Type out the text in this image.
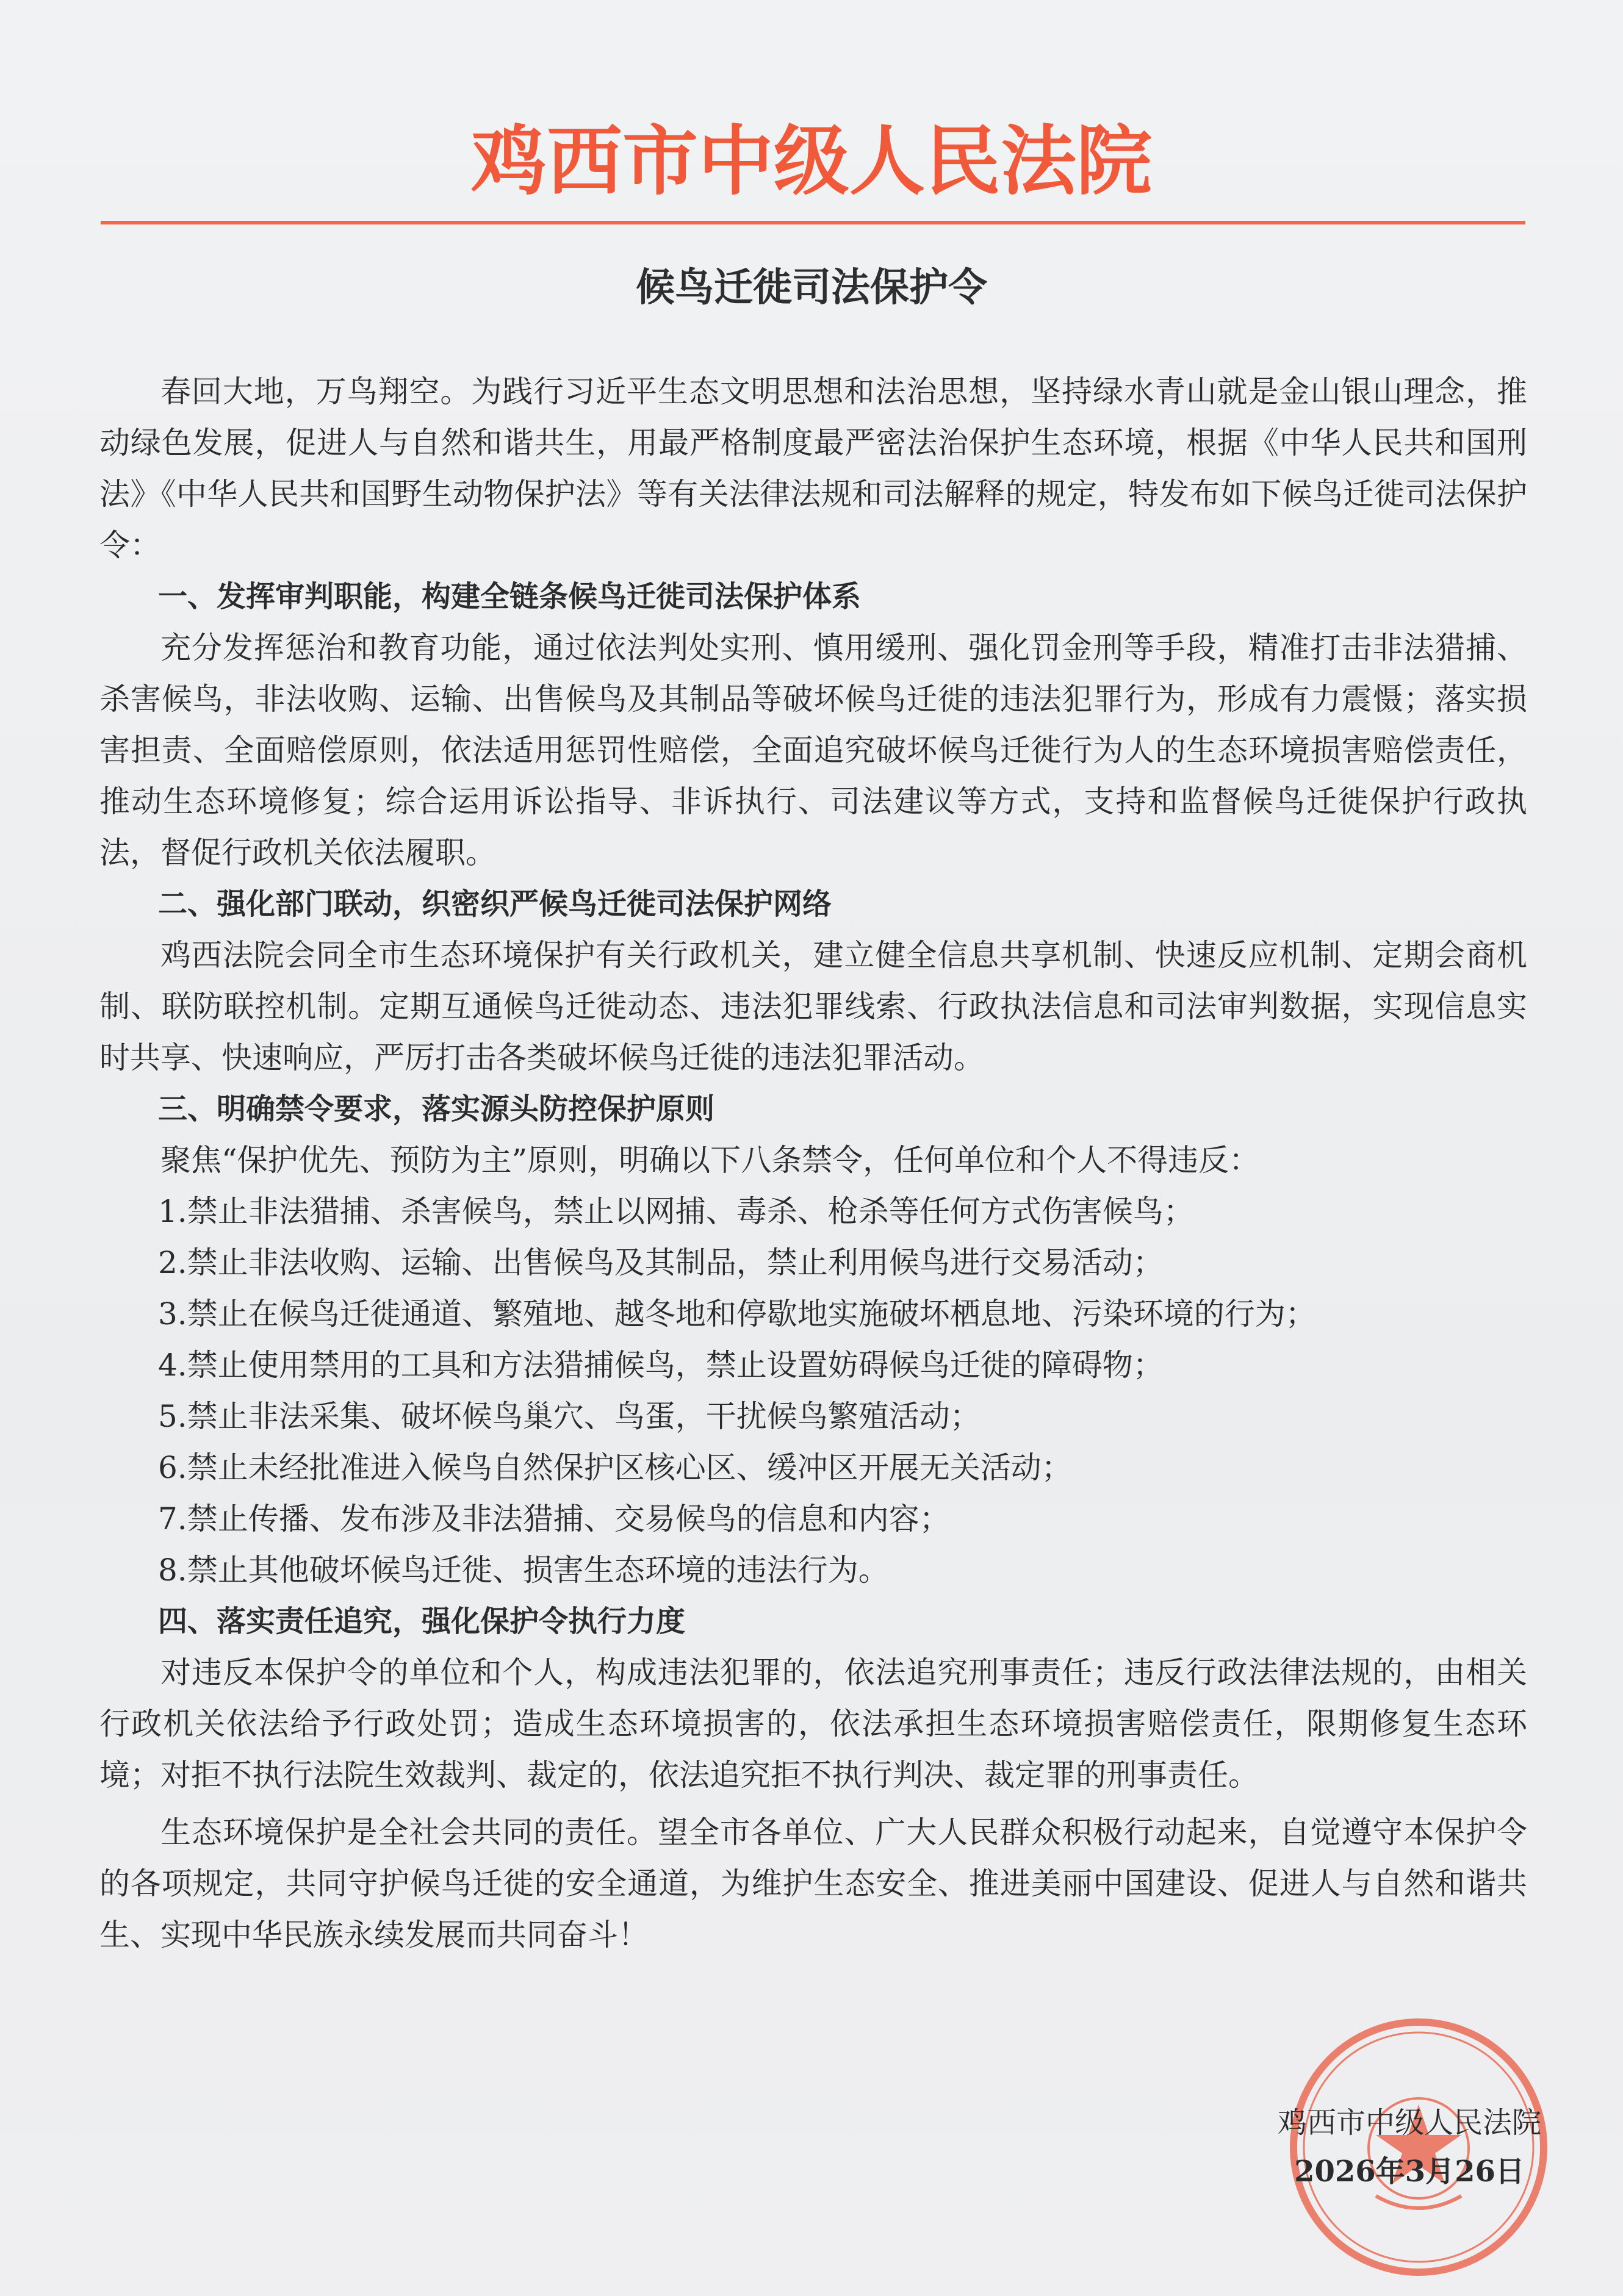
鸡西市中级人民法院
候鸟迁徙司法保护令

春回大地，万鸟翔空。为践行习近平生态文明思想和法治思想，坚持绿水青山就是金山银山理念，推动绿色发展，促进人与自然和谐共生，用最严格制度最严密法治保护生态环境，根据《中华人民共和国刑法》《中华人民共和国野生动物保护法》等有关法律法规和司法解释的规定，特发布如下候鸟迁徙司法保护令：

一、发挥审判职能，构建全链条候鸟迁徙司法保护体系

充分发挥惩治和教育功能，通过依法判处实刑、慎用缓刑、强化罚金刑等手段，精准打击非法猎捕、杀害候鸟，非法收购、运输、出售候鸟及其制品等破坏候鸟迁徙的违法犯罪行为，形成有力震慑；落实损害担责、全面赔偿原则，依法适用惩罚性赔偿，全面追究破坏候鸟迁徙行为人的生态环境损害赔偿责任，推动生态环境修复；综合运用诉讼指导、非诉执行、司法建议等方式，支持和监督候鸟迁徙保护行政执法，督促行政机关依法履职。

二、强化部门联动，织密织严候鸟迁徙司法保护网络

鸡西法院会同全市生态环境保护有关行政机关，建立健全信息共享机制、快速反应机制、定期会商机制、联防联控机制。定期互通候鸟迁徙动态、违法犯罪线索、行政执法信息和司法审判数据，实现信息实时共享、快速响应，严厉打击各类破坏候鸟迁徙的违法犯罪活动。

三、明确禁令要求，落实源头防控保护原则

聚焦“保护优先、预防为主”原则，明确以下八条禁令，任何单位和个人不得违反：

1.禁止非法猎捕、杀害候鸟，禁止以网捕、毒杀、枪杀等任何方式伤害候鸟；

2.禁止非法收购、运输、出售候鸟及其制品，禁止利用候鸟进行交易活动；

3.禁止在候鸟迁徙通道、繁殖地、越冬地和停歇地实施破坏栖息地、污染环境的行为；

4.禁止使用禁用的工具和方法猎捕候鸟，禁止设置妨碍候鸟迁徙的障碍物；

5.禁止非法采集、破坏候鸟巢穴、鸟蛋，干扰候鸟繁殖活动；

6.禁止未经批准进入候鸟自然保护区核心区、缓冲区开展无关活动；

7.禁止传播、发布涉及非法猎捕、交易候鸟的信息和内容；

8.禁止其他破坏候鸟迁徙、损害生态环境的违法行为。

四、落实责任追究，强化保护令执行力度

对违反本保护令的单位和个人，构成违法犯罪的，依法追究刑事责任；违反行政法律法规的，由相关行政机关依法给予行政处罚；造成生态环境损害的，依法承担生态环境损害赔偿责任，限期修复生态环境；对拒不执行法院生效裁判、裁定的，依法追究拒不执行判决、裁定罪的刑事责任。

生态环境保护是全社会共同的责任。望全市各单位、广大人民群众积极行动起来，自觉遵守本保护令的各项规定，共同守护候鸟迁徙的安全通道，为维护生态安全、推进美丽中国建设、促进人与自然和谐共生、实现中华民族永续发展而共同奋斗！

鸡西市中级人民法院
2026年3月26日
